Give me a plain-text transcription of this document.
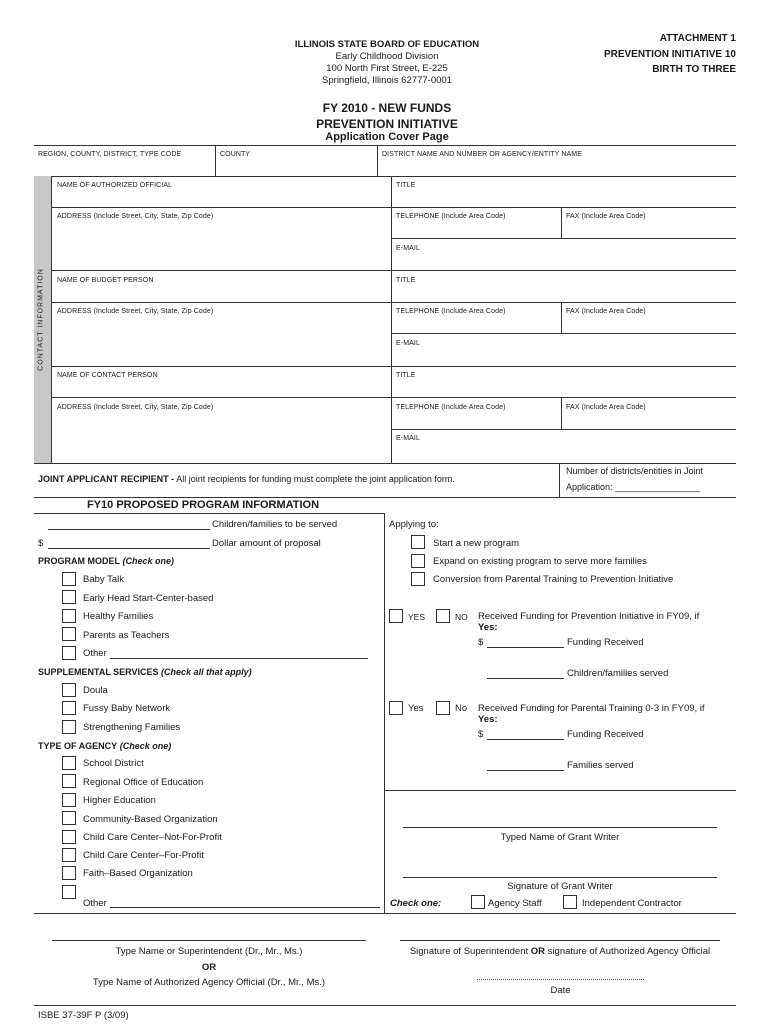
ILLINOIS STATE BOARD OF EDUCATION
Early Childhood Division
100 North First Street, E-225
Springfield, Illinois 62777-0001
ATTACHMENT 1
PREVENTION INITIATIVE 10
BIRTH TO THREE
FY 2010 - NEW FUNDS
PREVENTION INITIATIVE
Application Cover Page
REGION, COUNTY, DISTRICT, TYPE CODE	COUNTY	DISTRICT NAME AND NUMBER OR AGENCY/ENTITY NAME
CONTACT INFORMATION
NAME OF AUTHORIZED OFFICIAL	TITLE
ADDRESS (Include Street, City, State, Zip Code)	TELEPHONE (Include Area Code)	FAX (Include Area Code)
E-MAIL
NAME OF BUDGET PERSON	TITLE
ADDRESS (Include Street, City, State, Zip Code)	TELEPHONE (Include Area Code)	FAX (Include Area Code)
E-MAIL
NAME OF CONTACT PERSON	TITLE
ADDRESS (Include Street, City, State, Zip Code)	TELEPHONE (Include Area Code)	FAX (Include Area Code)
E-MAIL
JOINT APPLICANT RECIPIENT - All joint recipients for funding must complete the joint application form.
Number of districts/entities in Joint
Application: _________________
FY10 PROPOSED PROGRAM INFORMATION
Children/families to be served
$	Dollar amount of proposal
PROGRAM MODEL (Check one)
Baby Talk
Early Head Start-Center-based
Healthy Families
Parents as Teachers
Other
SUPPLEMENTAL SERVICES (Check all that apply)
Doula
Fussy Baby Network
Strengthening Families
TYPE OF AGENCY (Check one)
School District
Regional Office of Education
Higher Education
Community-Based Organization
Child Care Center–Not-For-Profit
Child Care Center–For-Profit
Faith–Based Organization
Other
Applying to:
Start a new program
Expand on existing program to serve more families
Conversion from Parental Training to Prevention Initiative
YES	NO Received Funding for Prevention Initiative in FY09, if
Yes:
$	Funding Received
Children/families served
Yes	No Received Funding for Parental Training 0-3 in FY09, if
Yes:
$	Funding Received
Families served
Typed Name of Grant Writer
Signature of Grant Writer
Check one:	Agency Staff	Independent Contractor
Type Name or Superintendent (Dr., Mr., Ms.)
OR
Type Name of Authorized Agency Official (Dr., Mr., Ms.)
Signature of Superintendent OR signature of Authorized Agency Official
Date
ISBE 37-39F P (3/09)
